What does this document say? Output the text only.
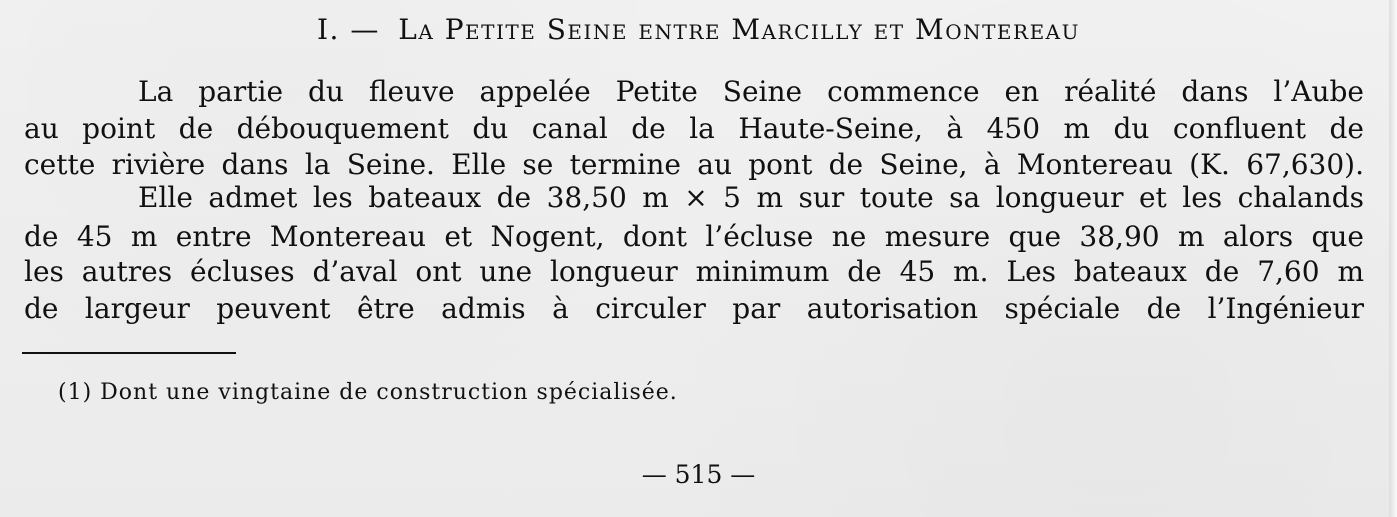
I. — La Petite Seine entre Marcilly et Montereau
La partie du fleuve appelée Petite Seine commence en réalité dans l’Aube
au point de débouquement du canal de la Haute-Seine, à 450 m du confluent de
cette rivière dans la Seine. Elle se termine au pont de Seine, à Montereau (K. 67,630).
Elle admet les bateaux de 38,50 m × 5 m sur toute sa longueur et les chalands
de 45 m entre Montereau et Nogent, dont l’écluse ne mesure que 38,90 m alors que
les autres écluses d’aval ont une longueur minimum de 45 m. Les bateaux de 7,60 m
de largeur peuvent être admis à circuler par autorisation spéciale de l’Ingénieur
(1) Dont une vingtaine de construction spécialisée.
— 515 —
